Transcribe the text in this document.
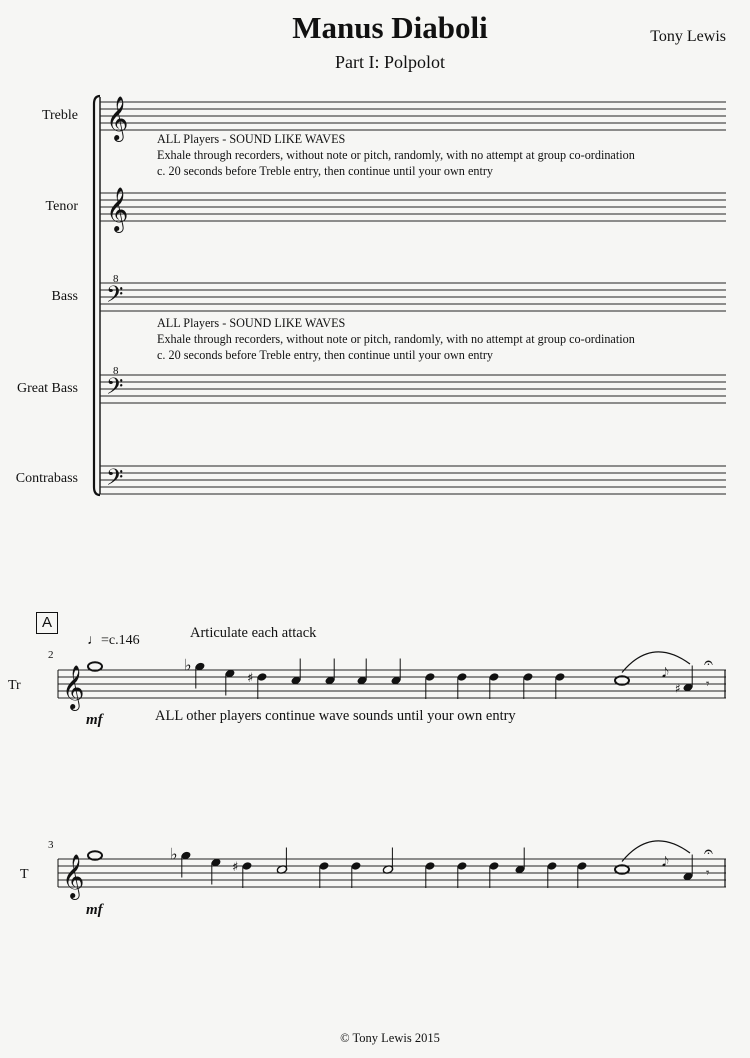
Manus Diaboli
Part I: Polpolot
Tony Lewis
Treble
Tenor
Bass
Great Bass
Contrabass
ALL Players - SOUND LIKE WAVES
Exhale through recorders, without note or pitch, randomly, with no attempt at group co-ordination
c. 20 seconds before Treble entry, then continue until your own entry
ALL Players - SOUND LIKE WAVES
Exhale through recorders, without note or pitch, randomly, with no attempt at group co-ordination
c. 20 seconds before Treble entry, then continue until your own entry
A
♩=c.146	Articulate each attack
ALL other players continue wave sounds until your own entry
© Tony Lewis 2015
𝄞
𝄞
𝄢
8
𝄢
8
𝄢
Tr
2
𝄞
mf
♭
♯	𝅘𝅥𝅮
♯
𝄐
𝄾
T
3
𝄞
mf
♭
♯	𝅘𝅥𝅮
𝄐
𝄾
